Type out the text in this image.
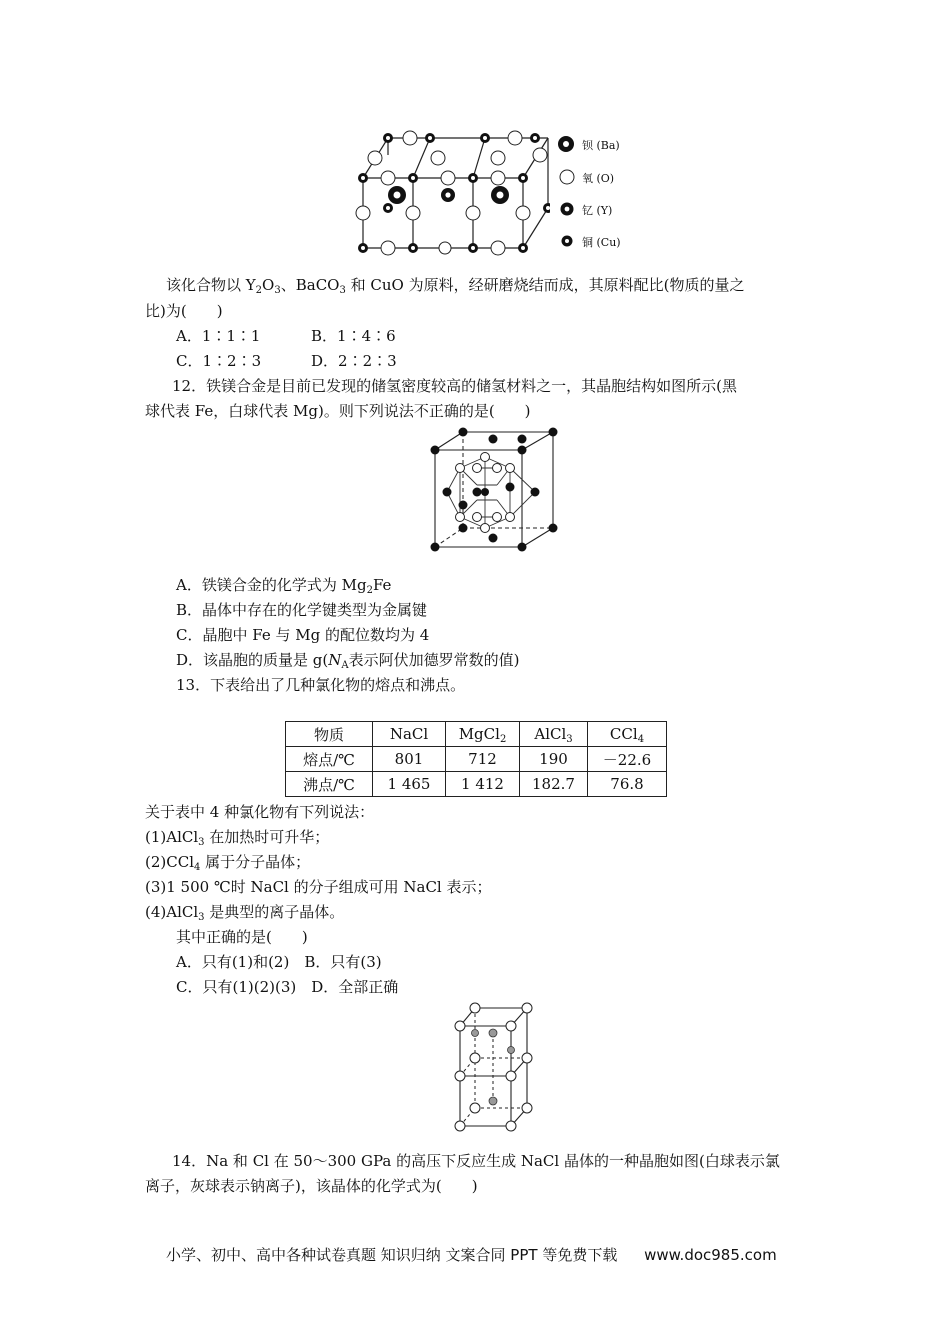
钡 (Ba)
氧 (O)
钇 (Y)
铜 (Cu)
该化合物以 $Y_2O_3$、BaCO$_3$ 和 CuO 为原料，经研磨烧结而成，其原料配比(物质的量之
比)为(　　)
A．1∶1∶1	B．1∶4∶6
C．1∶2∶3	D．2∶2∶3
12．铁镁合金是目前已发现的储氢密度较高的储氢材料之一，其晶胞结构如图所示(黑
球代表 Fe，白球代表 Mg)。则下列说法不正确的是(　　)
A．铁镁合金的化学式为 $Mg_2Fe$
B．晶体中存在的化学键类型为金属键
C．晶胞中 Fe 与 Mg 的配位数均为 4
D．该晶胞的质量是 $g(N_A$表示阿伏加德罗常数的值)
13．下表给出了几种氯化物的熔点和沸点。
物质	NaCl	MgCl$_2$	AlCl$_3$	CCl$_4$
熔点/℃	801	712	190	－22.6
沸点/℃	1 465	1 412	182.7	76.8
关于表中 4 种氯化物有下列说法：
(1)AlCl$_3$ 在加热时可升华；
(2)CCl$_4$ 属于分子晶体；
(3)1 500 ℃时 NaCl 的分子组成可用 NaCl 表示；
(4)AlCl$_3$ 是典型的离子晶体。
其中正确的是(　　)
A．只有(1)和(2)　B．只有(3)
C．只有(1)(2)(3)　D．全部正确
14．Na 和 Cl 在 50～300 GPa 的高压下反应生成 NaCl 晶体的一种晶胞如图(白球表示氯
离子，灰球表示钠离子)，该晶体的化学式为(　　)
小学、初中、高中各种试卷真题 知识归纳 文案合同 PPT 等免费下载 www.doc985.com
